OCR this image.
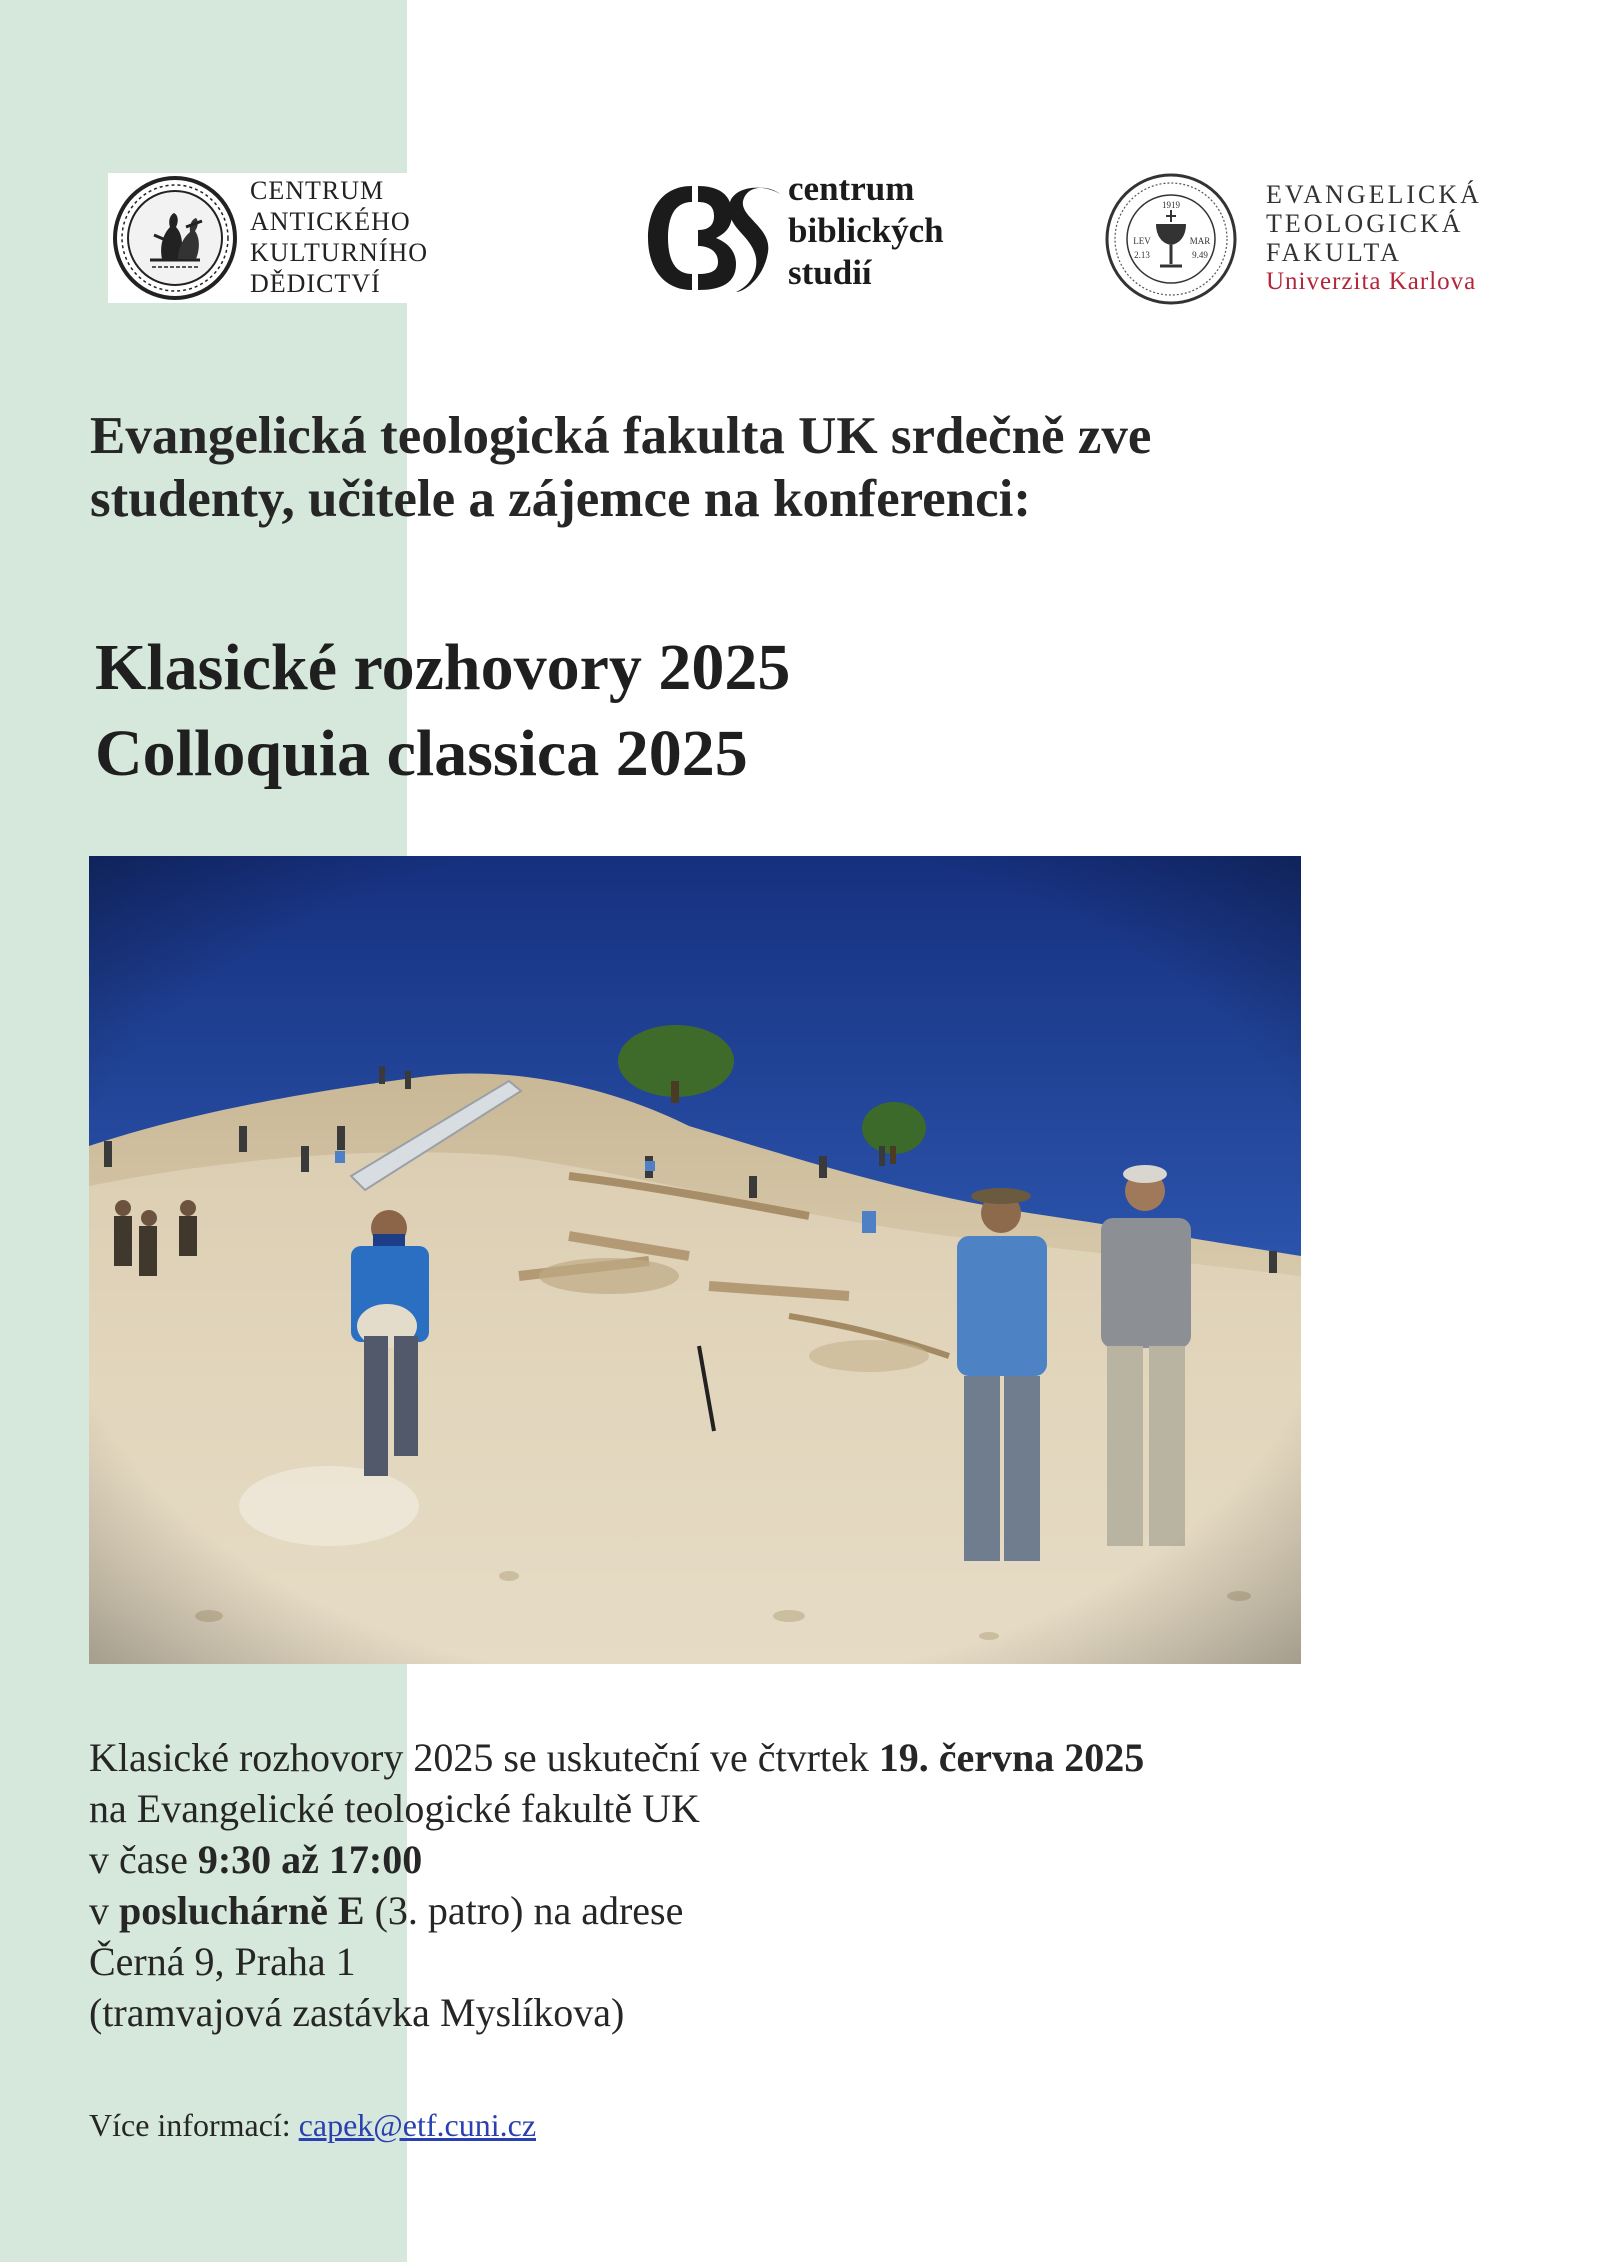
CENTRUM
ANTICKÉHO
KULTURNÍHO
DĚDICTVÍ
centrum
biblických
studií
1919
LEV	MAR
2.13	9.49
EVANGELICKÁ
TEOLOGICKÁ
FAKULTA
Univerzita Karlova
Evangelická teologická fakulta UK srdečně zve
studenty, učitele a zájemce na konferenci:
Klasické rozhovory 2025
Colloquia classica 2025
Klasické rozhovory 2025 se uskuteční ve čtvrtek 19. června 2025
na Evangelické teologické fakultě UK
v čase 9:30 až 17:00
v posluchárně E (3. patro) na adrese
Černá 9, Praha 1
(tramvajová zastávka Myslíkova)
Více informací: capek@etf.cuni.cz
